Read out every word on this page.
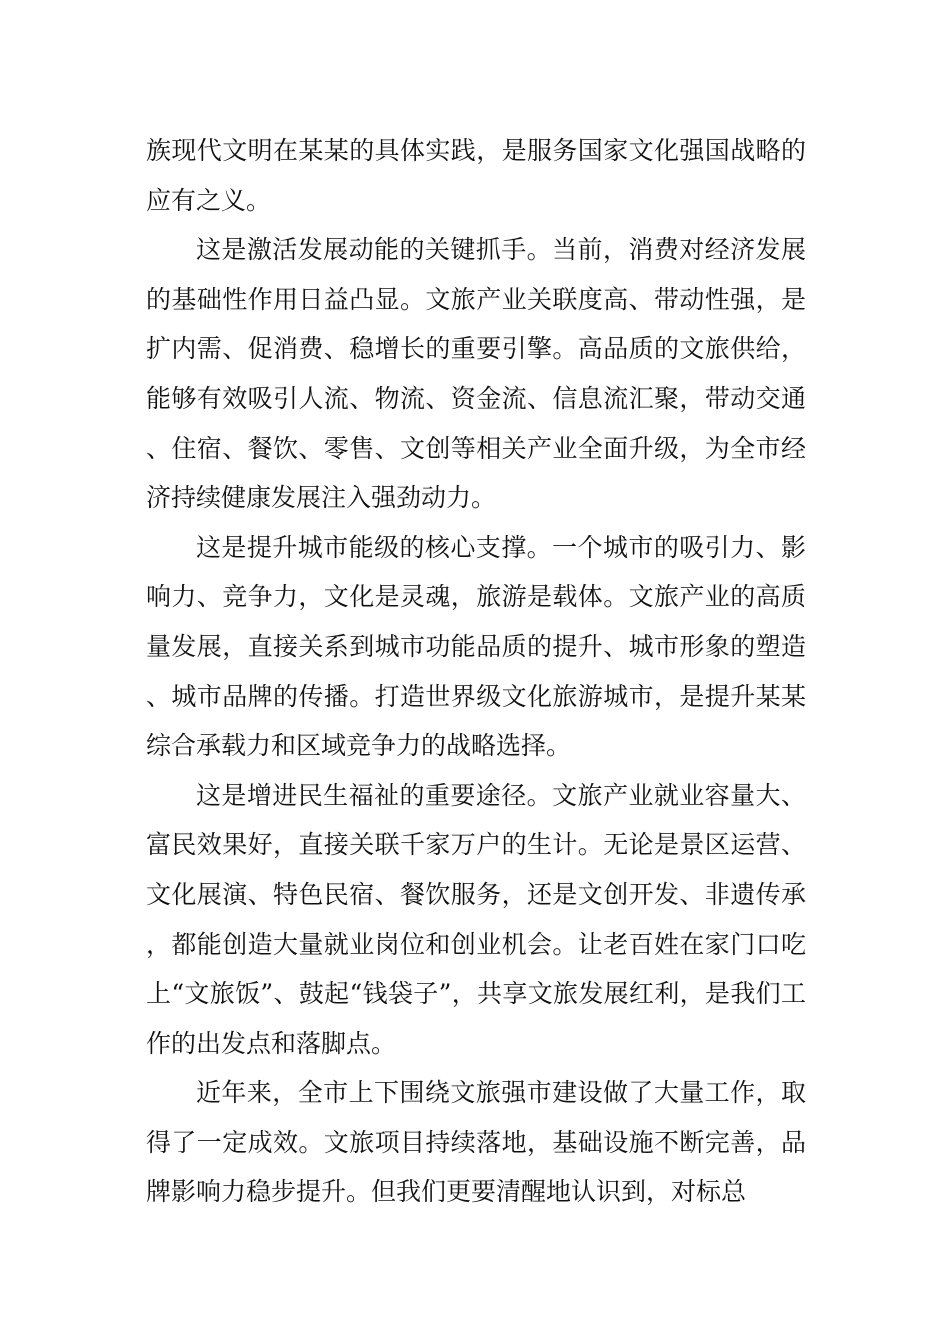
族现代文明在某某的具体实践，是服务国家文化强国战略的应有之义。

这是激活发展动能的关键抓手。当前，消费对经济发展的基础性作用日益凸显。文旅产业关联度高、带动性强，是扩内需、促消费、稳增长的重要引擎。高品质的文旅供给，能够有效吸引人流、物流、资金流、信息流汇聚，带动交通、住宿、餐饮、零售、文创等相关产业全面升级，为全市经济持续健康发展注入强劲动力。

这是提升城市能级的核心支撑。一个城市的吸引力、影响力、竞争力，文化是灵魂，旅游是载体。文旅产业的高质量发展，直接关系到城市功能品质的提升、城市形象的塑造、城市品牌的传播。打造世界级文化旅游城市，是提升某某综合承载力和区域竞争力的战略选择。

这是增进民生福祉的重要途径。文旅产业就业容量大、富民效果好，直接关联千家万户的生计。无论是景区运营、文化展演、特色民宿、餐饮服务，还是文创开发、非遗传承，都能创造大量就业岗位和创业机会。让老百姓在家门口吃上“文旅饭”、鼓起“钱袋子”，共享文旅发展红利，是我们工作的出发点和落脚点。

近年来，全市上下围绕文旅强市建设做了大量工作，取得了一定成效。文旅项目持续落地，基础设施不断完善，品牌影响力稳步提升。但我们更要清醒地认识到，对标总
